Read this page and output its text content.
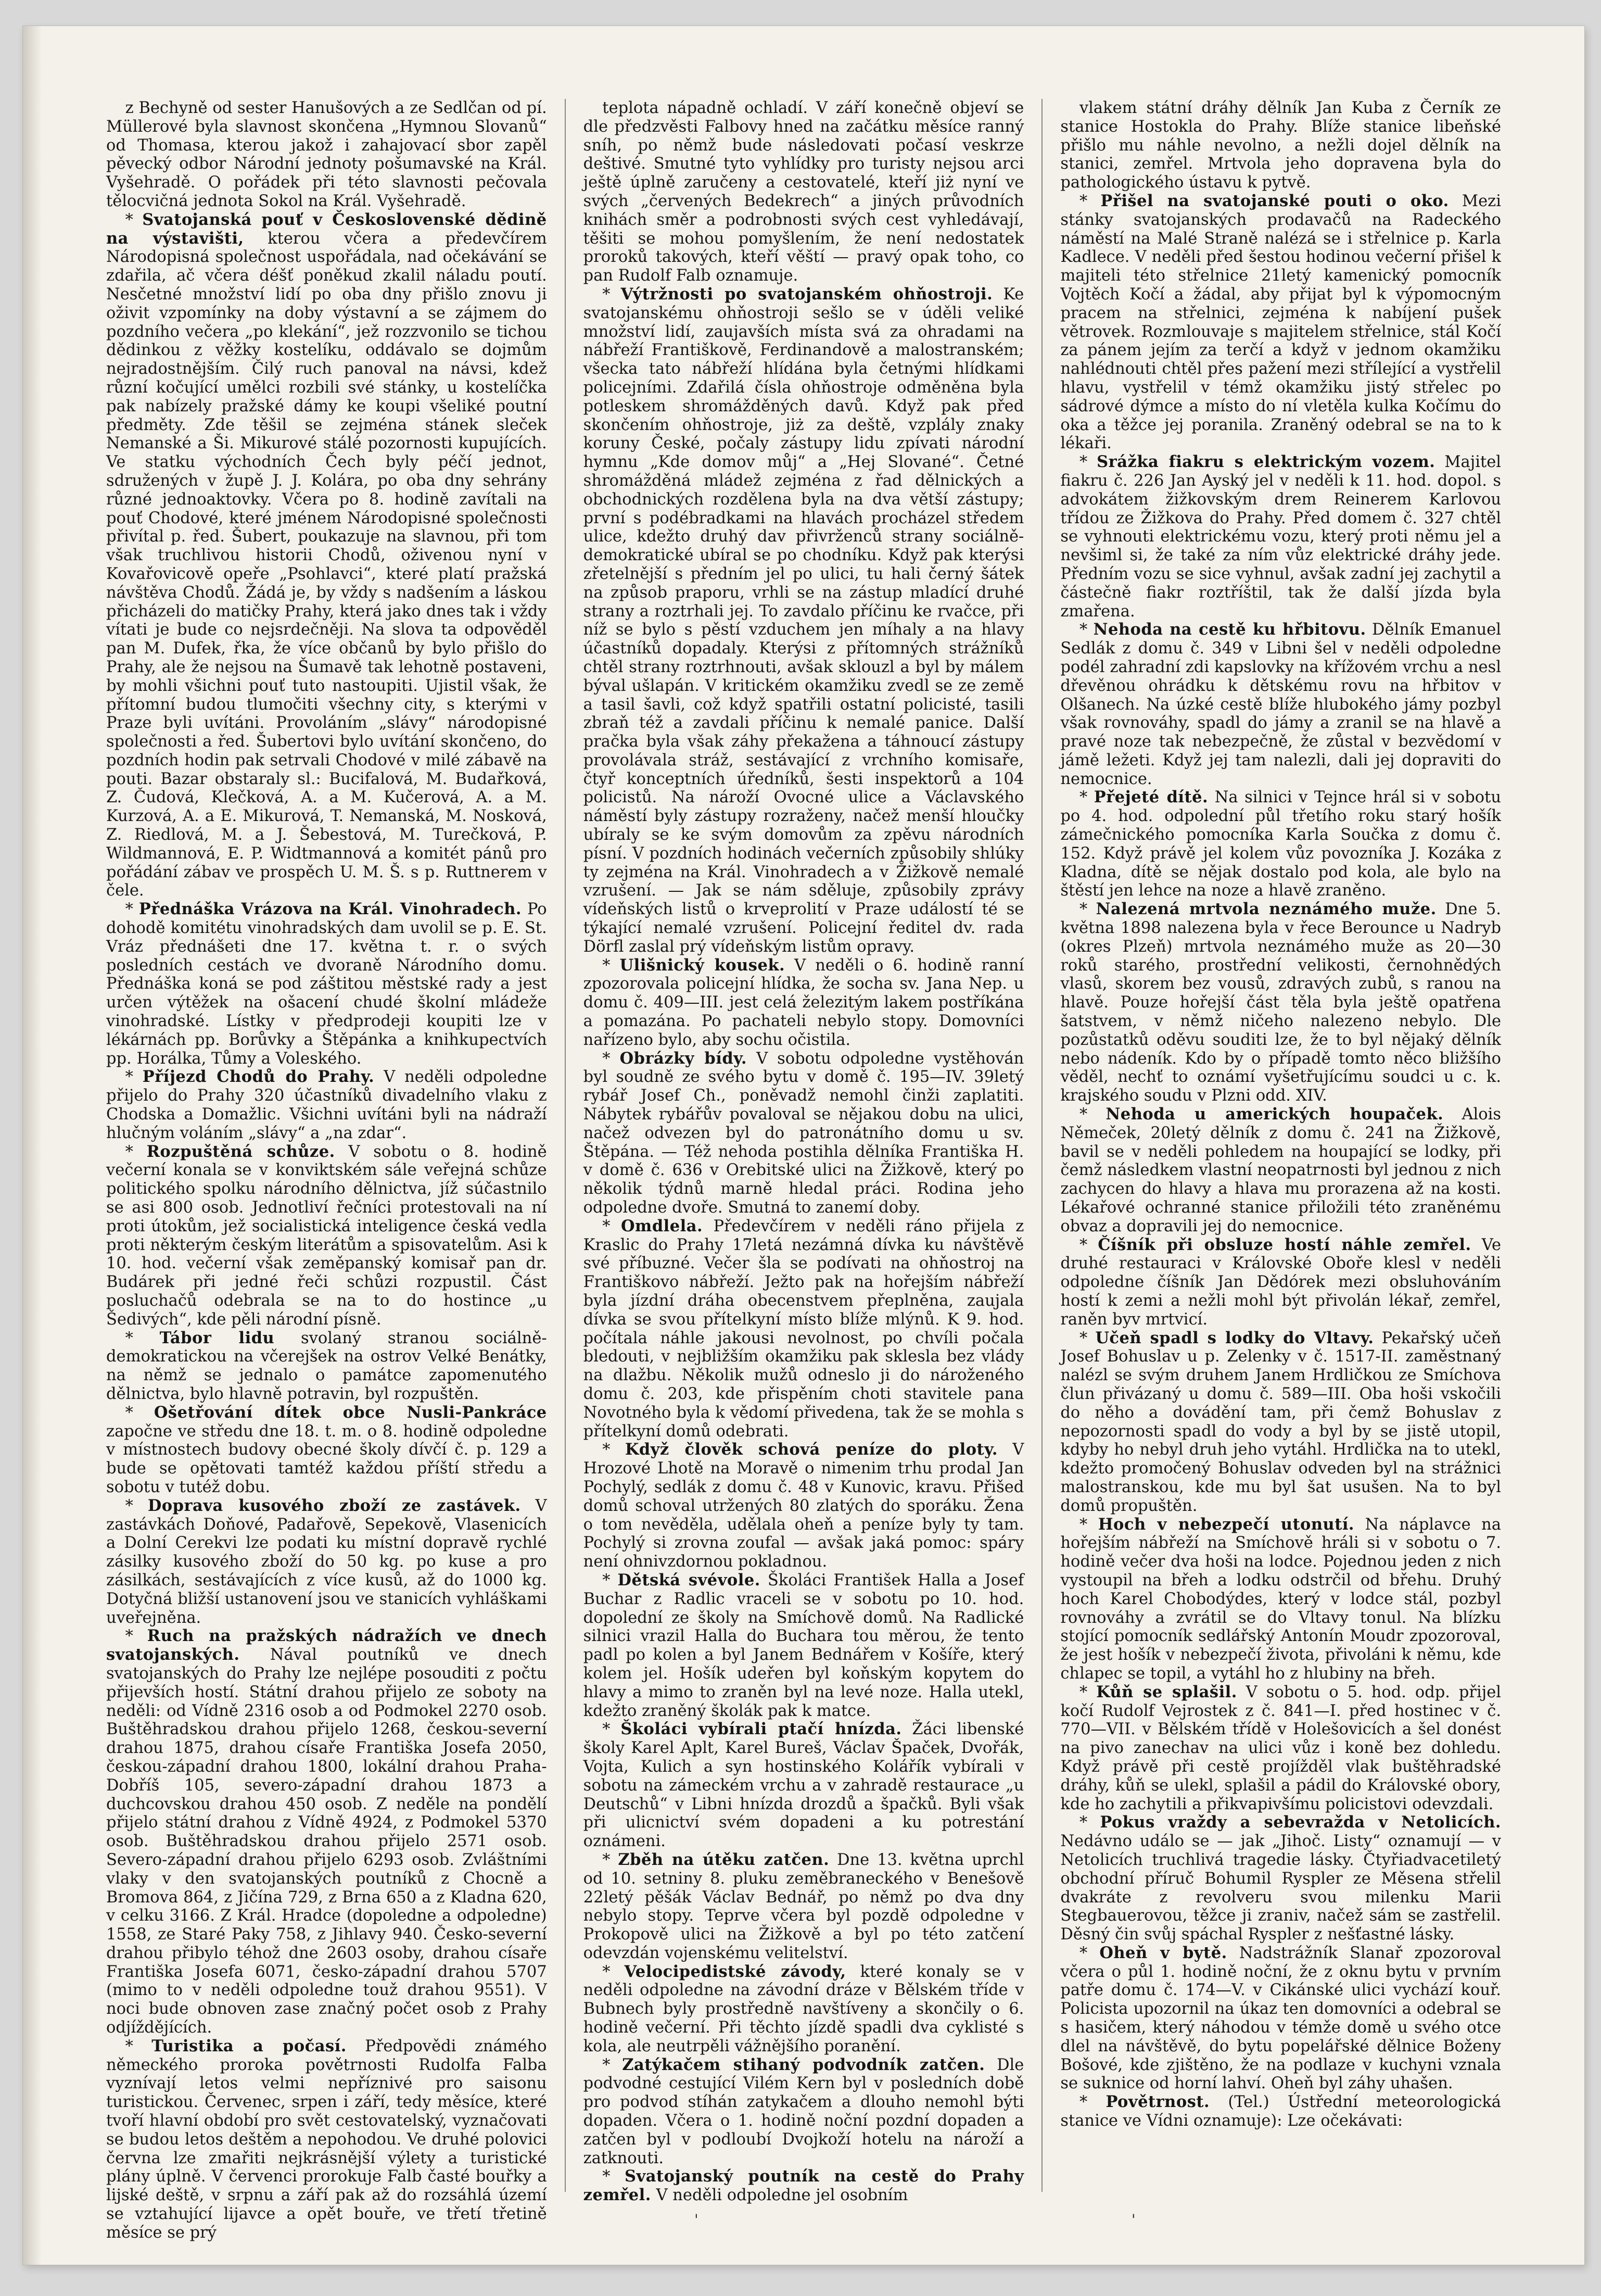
z Bechyně od sester Hanušových a ze Sedlčan od pí. Müllerové byla slavnost skončena „Hymnou Slovanů“ od Thomasa, kterou jakož i zahajovací sbor zapěl pěvecký odbor Národní jednoty pošumavské na Král. Vyšehradě. O pořádek při této slavnosti pečovala tělocvičná jednota Sokol na Král. Vyšehradě.

* Svatojanská pouť v Československé dědině na výstavišti, kterou včera a předevčírem Národopisná společnost uspořádala, nad očekávání se zdařila, ač včera déšť poněkud zkalil náladu poutí. Nesčetné množství lidí po oba dny přišlo znovu ji oživit vzpomínky na doby výstavní a se zájmem do pozdního večera „po klekání“, jež rozzvonilo se tichou dědinkou z věžky kostelíku, oddávalo se dojmům nejradostnějším. Čilý ruch panoval na návsi, kdež různí kočující umělci rozbili své stánky, u kostelíčka pak nabízely pražské dámy ke koupi všeliké poutní předměty. Zde těšil se zejména stánek sleček Nemanské a Ši. Mikurové stálé pozornosti kupujících. Ve statku východních Čech byly péčí jednot, sdružených v župě J. J. Kolára, po oba dny sehrány různé jednoaktovky. Včera po 8. hodině zavítali na pouť Chodové, které jménem Národopisné společnosti přivítal p. řed. Šubert, poukazuje na slavnou, při tom však truchlivou historii Chodů, oživenou nyní v Kovařovicově opeře „Psohlavci“, které platí pražská návštěva Chodů. Žádá je, by vždy s nadšením a láskou přicházeli do matičky Prahy, která jako dnes tak i vždy vítati je bude co nejsrdečněji. Na slova ta odpověděl pan M. Dufek, řka, že více občanů by bylo přišlo do Prahy, ale že nejsou na Šumavě tak lehotně postaveni, by mohli všichni pouť tuto nastoupiti. Ujistil však, že přítomní budou tlumočiti všechny city, s kterými v Praze byli uvítáni. Provoláním „slávy“ národopisné společnosti a řed. Šubertovi bylo uvítání skončeno, do pozdních hodin pak setrvali Chodové v milé zábavě na pouti. Bazar obstaraly sl.: Bucifalová, M. Budařková, Z. Čudová, Klečková, A. a M. Kučerová, A. a M. Kurzová, A. a E. Mikurová, T. Nemanská, M. Nosková, Z. Riedlová, M. a J. Šebestová, M. Turečková, P. Wildmannová, E. P. Widtmannová a komitét pánů pro pořádání zábav ve prospěch U. M. Š. s p. Ruttnerem v čele.

* Přednáška Vrázova na Král. Vinohradech. Po dohodě komitétu vinohradských dam uvolil se p. E. St. Vráz přednášeti dne 17. května t. r. o svých posledních cestách ve dvoraně Národního domu. Přednáška koná se pod záštitou městské rady a jest určen výtěžek na ošacení chudé školní mládeže vinohradské. Lístky v předprodeji koupiti lze v lékárnách pp. Borůvky a Štěpánka a knihkupectvích pp. Horálka, Tůmy a Voleského.

* Příjezd Chodů do Prahy. V neděli odpoledne přijelo do Prahy 320 účastníků divadelního vlaku z Chodska a Domažlic. Všichni uvítáni byli na nádraží hlučným voláním „slávy“ a „na zdar“.

* Rozpuštěná schůze. V sobotu o 8. hodině večerní konala se v konviktském sále veřejná schůze politického spolku národního dělnictva, jíž súčastnilo se asi 800 osob. Jednotliví řečníci protestovali na ní proti útokům, jež socialistická inteligence česká vedla proti některým českým literátům a spisovatelům. Asi k 10. hod. večerní však zeměpanský komisař pan dr. Budárek při jedné řeči schůzi rozpustil. Část posluchačů odebrala se na to do hostince „u Šedivých“, kde pěli národní písně.

* Tábor lidu svolaný stranou sociálně-demokratickou na včerejšek na ostrov Velké Benátky, na němž se jednalo o památce zapomenutého dělnictva, bylo hlavně potravin, byl rozpuštěn.

* Ošetřování dítek obce Nusli-Pankráce započne ve středu dne 18. t. m. o 8. hodině odpoledne v místnostech budovy obecné školy dívčí č. p. 129 a bude se opětovati tamtéž každou příští středu a sobotu v tutéž dobu.

* Doprava kusového zboží ze zastávek. V zastávkách Doňové, Padařově, Sepekově, Vlasenicích a Dolní Cerekvi lze podati ku místní dopravě rychlé zásilky kusového zboží do 50 kg. po kuse a pro zásilkách, sestávajících z více kusů, až do 1000 kg. Dotyčná bližší ustanovení jsou ve stanicích vyhláškami uveřejněna.

* Ruch na pražských nádražích ve dnech svatojanských. Nával poutníků ve dnech svatojanských do Prahy lze nejlépe posouditi z počtu přijevších hostí. Státní drahou přijelo ze soboty na neděli: od Vídně 2316 osob a od Podmokel 2270 osob. Buštěhradskou drahou přijelo 1268, českou-severní drahou 1875, drahou císaře Františka Josefa 2050, českou-západní drahou 1800, lokální drahou Praha-Dobříš 105, severo-západní drahou 1873 a duchcovskou drahou 450 osob. Z neděle na pondělí přijelo státní drahou z Vídně 4924, z Podmokel 5370 osob. Buštěhradskou drahou přijelo 2571 osob. Severo-západní drahou přijelo 6293 osob. Zvláštními vlaky v den svatojanských poutníků z Chocně a Bromova 864, z Jičína 729, z Brna 650 a z Kladna 620, v celku 3166. Z Král. Hradce (dopoledne a odpoledne) 1558, ze Staré Paky 758, z Jihlavy 940. Česko-severní drahou přibylo téhož dne 2603 osoby, drahou císaře Františka Josefa 6071, česko-západní drahou 5707 (mimo to v neděli odpoledne touž drahou 9551). V noci bude obnoven zase značný počet osob z Prahy odjíždějících.

* Turistika a počasí. Předpovědi známého německého proroka povětrnosti Rudolfa Falba vyznívají letos velmi nepříznivé pro saisonu turistickou. Červenec, srpen i září, tedy měsíce, které tvoří hlavní období pro svět cestovatelský, vyznačovati se budou letos deštěm a nepohodou. Ve druhé polovici června lze zmařiti nejkrásnější výlety a turistické plány úplně. V červenci prorokuje Falb časté bouřky a lijské deště, v srpnu a září pak až do rozsáhlá území se vztahující lijavce a opět bouře, ve třetí třetině měsíce se prý

teplota nápadně ochladí. V září konečně objeví se dle předzvěsti Falbovy hned na začátku měsíce ranný sníh, po němž bude následovati počasí veskrze deštivé. Smutné tyto vyhlídky pro turisty nejsou arci ještě úplně zaručeny a cestovatelé, kteří jiż nyní ve svých „červených Bedekrech“ a jiných průvodních knihách směr a podrobnosti svých cest vyhledávají, těšiti se mohou pomyšlením, že není nedostatek proroků takových, kteří věští — pravý opak toho, co pan Rudolf Falb oznamuje.

* Výtržnosti po svatojanském ohňostroji. Ke svatojanskému ohňostroji sešlo se v úděli veliké množství lidí, zaujavších místa svá za ohradami na nábřeží Františkově, Ferdinandově a malostranském; všecka tato nábřeží hlídána byla četnými hlídkami policejními. Zdařilá čísla ohňostroje odměněna byla potleskem shromážděných davů. Když pak před skončením ohňostroje, jiż za deště, vzplály znaky koruny České, počaly zástupy lidu zpívati národní hymnu „Kde domov můj“ a „Hej Slované“. Četné shromážděná mládež zejména z řad dělnických a obchodnických rozdělena byla na dva větší zástupy; první s podébradkami na hlavách procházel středem ulice, kdežto druhý dav přivrženců strany sociálně-demokratické ubíral se po chodníku. Když pak kterýsi zřetelnější s předním jel po ulici, tu hali černý šátek na způsob praporu, vrhli se na zástup mladící druhé strany a roztrhali jej. To zavdalo příčinu ke rvačce, při níž se bylo s pěstí vzduchem jen míhaly a na hlavy účastníků dopadaly. Kterýsi z přítomných strážníků chtěl strany roztrhnouti, avšak sklouzl a byl by málem býval ušlapán. V kritickém okamžiku zvedl se ze země a tasil šavli, což když spatřili ostatní policisté, tasili zbraň též a zavdali příčinu k nemalé panice. Další pračka byla však záhy překažena a táhnoucí zástupy provolávala stráž, sestávající z vrchního komisaře, čtyř konceptních úředníků, šesti inspektorů a 104 policistů. Na nároží Ovocné ulice a Václavského náměstí byly zástupy rozraženy, načež menší hloučky ubíraly se ke svým domovům za zpěvu národních písní. V pozdních hodinách večerních způsobily shlúky ty zejména na Král. Vinohradech a v Žižkově nemalé vzrušení. — Jak se nám sděluje, způsobily zprávy vídeňských listů o krveprolití v Praze událostí té se týkající nemalé vzrušení. Policejní ředitel dv. rada Dörfl zaslal prý vídeňským listům opravy.

* Ulišnický kousek. V neděli o 6. hodině ranní zpozorovala policejní hlídka, že socha sv. Jana Nep. u domu č. 409—III. jest celá železitým lakem postříkána a pomazána. Po pachateli nebylo stopy. Domovníci nařízeno bylo, aby sochu očistila.

* Obrázky bídy. V sobotu odpoledne vystěhován byl soudně ze svého bytu v domě č. 195—IV. 39letý rybář Josef Ch., poněvadž nemohl činži zaplatiti. Nábytek rybářův povaloval se nějakou dobu na ulici, načež odvezen byl do patronátního domu u sv. Štěpána. — Též nehoda postihla dělníka Františka H. v domě č. 636 v Orebitské ulici na Žižkově, který po několik týdnů marně hledal práci. Rodina jeho odpoledne dvoře. Smutná to zanemí doby.

* Omdlela. Předevčírem v neděli ráno přijela z Kraslic do Prahy 17letá nezámná dívka ku návštěvě své příbuzné. Večer šla se podívati na ohňostroj na Františkovo nábřeží. Ježto pak na hořejším nábřeží byla jízdní dráha obecenstvem přeplněna, zaujala dívka se svou přítelkyní místo blíže mlýnů. K 9. hod. počítala náhle jakousi nevolnost, po chvíli počala bledouti, v nejbližším okamžiku pak sklesla bez vlády na dlažbu. Několik mužů odneslo ji do nároženého domu č. 203, kde přispěním choti stavitele pana Novotného byla k vědomí přivedena, tak že se mohla s přítelkyní domů odebrati.

* Když člověk schová peníze do ploty. V Hrozové Lhotě na Moravě o nimenim trhu prodal Jan Pochylý, sedlák z domu č. 48 v Kunovic, kravu. Přišed domů schoval utržených 80 zlatých do sporáku. Žena o tom nevěděla, udělala oheň a peníze byly ty tam. Pochylý si zrovna zoufal — avšak jaká pomoc: spáry není ohnivzdornou pokladnou.

* Dětská svévole. Školáci František Halla a Josef Buchar z Radlic vraceli se v sobotu po 10. hod. dopolední ze školy na Smíchově domů. Na Radlické silnici vrazil Halla do Buchara tou měrou, že tento padl po kolen a byl Janem Bednářem v Košíře, který kolem jel. Hošík udeřen byl koňským kopytem do hlavy a mimo to zraněn byl na levé noze. Halla utekl, kdežto zraněný školák pak k matce.

* Školáci vybírali ptačí hnízda. Žáci libenské školy Karel Aplt, Karel Bureš, Václav Špaček, Dvořák, Vojta, Kulich a syn hostinského Kolářík vybírali v sobotu na zámeckém vrchu a v zahradě restaurace „u Deutschů“ v Libni hnízda drozdů a špačků. Byli však při ulicnictví svém dopadeni a ku potrestání oznámeni.

* Zběh na útěku zatčen. Dne 13. května uprchl od 10. setniny 8. pluku zeměbraneckého v Benešově 22letý pěšák Václav Bednář, po němž po dva dny nebylo stopy. Teprve včera byl pozdě odpoledne v Prokopově ulici na Žižkově a byl po této zatčení odevzdán vojenskému velitelství.

* Velocipedistské závody, které konaly se v neděli odpoledne na závodní dráze v Bělském tříde v Bubnech byly prostředně navštíveny a skončily o 6. hodině večerní. Při těchto jízdě spadli dva cyklisté s kola, ale neutrpěli vážnějšího poranění.

* Zatýkačem stihaný podvodník zatčen. Dle podvodné cestující Vilém Kern byl v posledních době pro podvod stíhán zatykačem a dlouho nemohl býti dopaden. Včera o 1. hodině noční pozdní dopaden a zatčen byl v podloubí Dvojkoží hotelu na nároží a zatknouti.

* Svatojanský poutník na cestě do Prahy zemřel. V neděli odpoledne jel osobním

vlakem státní dráhy dělník Jan Kuba z Černík ze stanice Hostokla do Prahy. Blíže stanice libeňské přišlo mu náhle nevolno, a nežli dojel dělník na stanici, zemřel. Mrtvola jeho dopravena byla do pathologického ústavu k pytvě.

* Přišel na svatojanské pouti o oko. Mezi stánky svatojanských prodavačů na Radeckého náměstí na Malé Straně nalézá se i střelnice p. Karla Kadlece. V neděli před šestou hodinou večerní přišel k majiteli této střelnice 21letý kamenický pomocník Vojtěch Kočí a žádal, aby přijat byl k výpomocným pracem na střelnici, zejména k nabíjení pušek větrovek. Rozmlouvaje s majitelem střelnice, stál Kočí za pánem jejím za terčí a když v jednom okamžiku nahlédnouti chtěl přes pažení mezi střílející a vystřelil hlavu, vystřelil v témž okamžiku jistý střelec po sádrové dýmce a místo do ní vletěla kulka Kočímu do oka a těžce jej poranila. Zraněný odebral se na to k lékaři.

* Srážka fiakru s elektrickým vozem. Majitel fiakru č. 226 Jan Ayský jel v neděli k 11. hod. dopol. s advokátem žižkovským drem Reinerem Karlovou třídou ze Žižkova do Prahy. Před domem č. 327 chtěl se vyhnouti elektrickému vozu, který proti němu jel a nevšiml si, že také za ním vůz elektrické dráhy jede. Předním vozu se sice vyhnul, avšak zadní jej zachytil a částečně fiakr roztříštil, tak že další jízda byla zmařena.

* Nehoda na cestě ku hřbitovu. Dělník Emanuel Sedlák z domu č. 349 v Libni šel v neděli odpoledne podél zahradní zdi kapslovky na křížovém vrchu a nesl dřevěnou ohrádku k dětskému rovu na hřbitov v Olšanech. Na úzké cestě blíže hlubokého jámy pozbyl však rovnováhy, spadl do jámy a zranil se na hlavě a pravé noze tak nebezpečně, že zůstal v bezvědomí v jámě ležeti. Když jej tam nalezli, dali jej dopraviti do nemocnice.

* Přejeté dítě. Na silnici v Tejnce hrál si v sobotu po 4. hod. odpolední půl třetího roku starý hošík zámečnického pomocníka Karla Součka z domu č. 152. Když právě jel kolem vůz povozníka J. Kozáka z Kladna, dítě se nějak dostalo pod kola, ale bylo na štěstí jen lehce na noze a hlavě zraněno.

* Nalezená mrtvola neznámého muže. Dne 5. května 1898 nalezena byla v řece Berounce u Nadryb (okres Plzeň) mrtvola neznámého muže as 20—30 roků starého, prostřední velikosti, černohnědých vlasů, skorem bez vousů, zdravých zubů, s ranou na hlavě. Pouze hořejší část těla byla ještě opatřena šatstvem, v němž ničeho nalezeno nebylo. Dle pozůstatků oděvu souditi lze, že to byl nějaký dělník nebo nádeník. Kdo by o případě tomto něco bližšího věděl, nechť to oznámí vyšetřujícímu soudci u c. k. krajského soudu v Plzni odd. XIV.

* Nehoda u amerických houpaček. Alois Němeček, 20letý dělník z domu č. 241 na Žižkově, bavil se v neděli pohledem na houpající se lodky, při čemž následkem vlastní neopatrnosti byl jednou z nich zachycen do hlavy a hlava mu prorazena až na kosti. Lékařové ochranné stanice přiložili této zraněnému obvaz a dopravili jej do nemocnice.

* Číšník při obsluze hostí náhle zemřel. Ve druhé restauraci v Královské Oboře klesl v neděli odpoledne číšník Jan Dědórek mezi obsluhováním hostí k zemi a nežli mohl být přivolán lékař, zemřel, raněn byv mrtvicí.

* Učeň spadl s lodky do Vltavy. Pekařský učeň Josef Bohuslav u p. Zelenky v č. 1517-II. zaměstnaný nalézl se svým druhem Janem Hrdličkou ze Smíchova člun přivázaný u domu č. 589—III. Oba hoši vskočili do něho a dovádění tam, při čemž Bohuslav z nepozornosti spadl do vody a byl by se jistě utopil, kdyby ho nebyl druh jeho vytáhl. Hrdlička na to utekl, kdežto promočený Bohuslav odveden byl na strážnici malostranskou, kde mu byl šat usušen. Na to byl domů propuštěn.

* Hoch v nebezpečí utonutí. Na náplavce na hořejším nábřeží na Smíchově hráli si v sobotu o 7. hodině večer dva hoši na lodce. Pojednou jeden z nich vystoupil na břeh a lodku odstrčil od břehu. Druhý hoch Karel Chobodýdes, který v lodce stál, pozbyl rovnováhy a zvrátil se do Vltavy tonul. Na blízku stojící pomocník sedlářský Antonín Moudr zpozoroval, že jest hošík v nebezpečí života, přivoláni k němu, kde chlapec se topil, a vytáhl ho z hlubiny na břeh.

* Kůň se splašil. V sobotu o 5. hod. odp. přijel kočí Rudolf Vejrostek z č. 841—I. před hostinec v č. 770—VII. v Bělském třídě v Holešovicích a šel donést na pivo zanechav na ulici vůz i koně bez dohledu. Když právě při cestě projížděl vlak buštěhradské dráhy, kůň se ulekl, splašil a pádil do Královské obory, kde ho zachytili a přikvapivšímu policistovi odevzdali.

* Pokus vraždy a sebevražda v Netolicích. Nedávno událo se — jak „Jihoč. Listy“ oznamují — v Netolicích truchlivá tragedie lásky. Čtyřiadvacetiletý obchodní příruč Bohumil Ryspler ze Měsena střelil dvakráte z revolveru svou milenku Marii Stegbauerovou, těžce ji zraniv, načež sám se zastřelil. Děsný čin svůj spáchal Ryspler z nešťastné lásky.

* Oheň v bytě. Nadstrážník Slanař zpozoroval včera o půl 1. hodině noční, že z oknu bytu v prvním patře domu č. 174—V. v Cikánské ulici vychází kouř. Policista upozornil na úkaz ten domovníci a odebral se s hasičem, který náhodou v témže domě u svého otce dlel na návštěvě, do bytu popelářské dělnice Boženy Bošové, kde zjištěno, že na podlaze v kuchyni vznala se suknice od horní lahví. Oheň byl záhy uhašen.

* Povětrnost. (Tel.) Ústřední meteorologická stanice ve Vídni oznamuje): Lze očekávati:

'	'
